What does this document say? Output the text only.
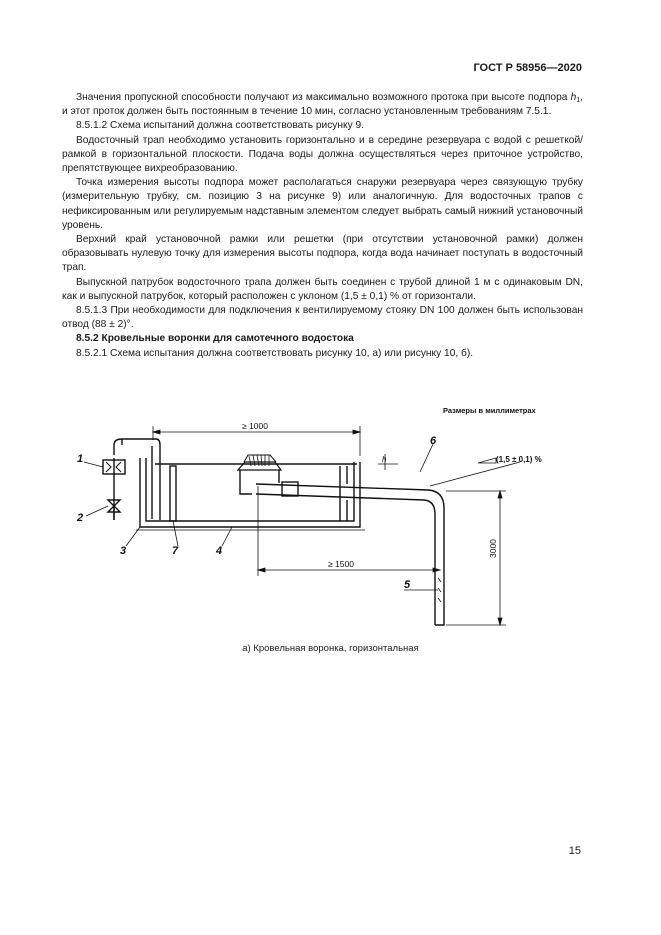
ГОСТ Р 58956—2020

Значения пропускной способности получают из максимально возможного протока при высоте подпора $h_1$, и этот проток должен быть постоянным в течение 10 мин, согласно установленным требованиям 7.5.1.

8.5.1.2 Схема испытаний должна соответствовать рисунку 9.

Водосточный трап необходимо установить горизонтально и в середине резервуара с водой с решеткой/рамкой в горизонтальной плоскости. Подача воды должна осуществляться через приточное устройство, препятствующее вихреобразованию.

Точка измерения высоты подпора может располагаться снаружи резервуара через связующую трубку (измерительную трубку, см. позицию 3 на рисунке 9) или аналогичную. Для водосточных трапов с нефиксированным или регулируемым надставным элементом следует выбрать самый нижний установочный уровень.

Верхний край установочной рамки или решетки (при отсутствии установочной рамки) должен образовывать нулевую точку для измерения высоты подпора, когда вода начинает поступать в водосточный трап.

Выпускной патрубок водосточного трапа должен быть соединен с трубой длиной 1 м с одинаковым DN, как и выпускной патрубок, который расположен с уклоном (1,5 ± 0,1) % от горизонтали.

8.5.1.3 При необходимости для подключения к вентилируемому стояку DN 100 должен быть использован отвод (88 ± 2)°.

8.5.2 Кровельные воронки для самотечного водостока

8.5.2.1 Схема испытания должна соответствовать рисунку 10, а) или рисунку 10, б).

Размеры в миллиметрах
≥ 1000
≥ 1500
3000
(1,5 ± 0,1) %
h
1
2
3	7	4
6
5
а) Кровельная воронка, горизонтальная
15
